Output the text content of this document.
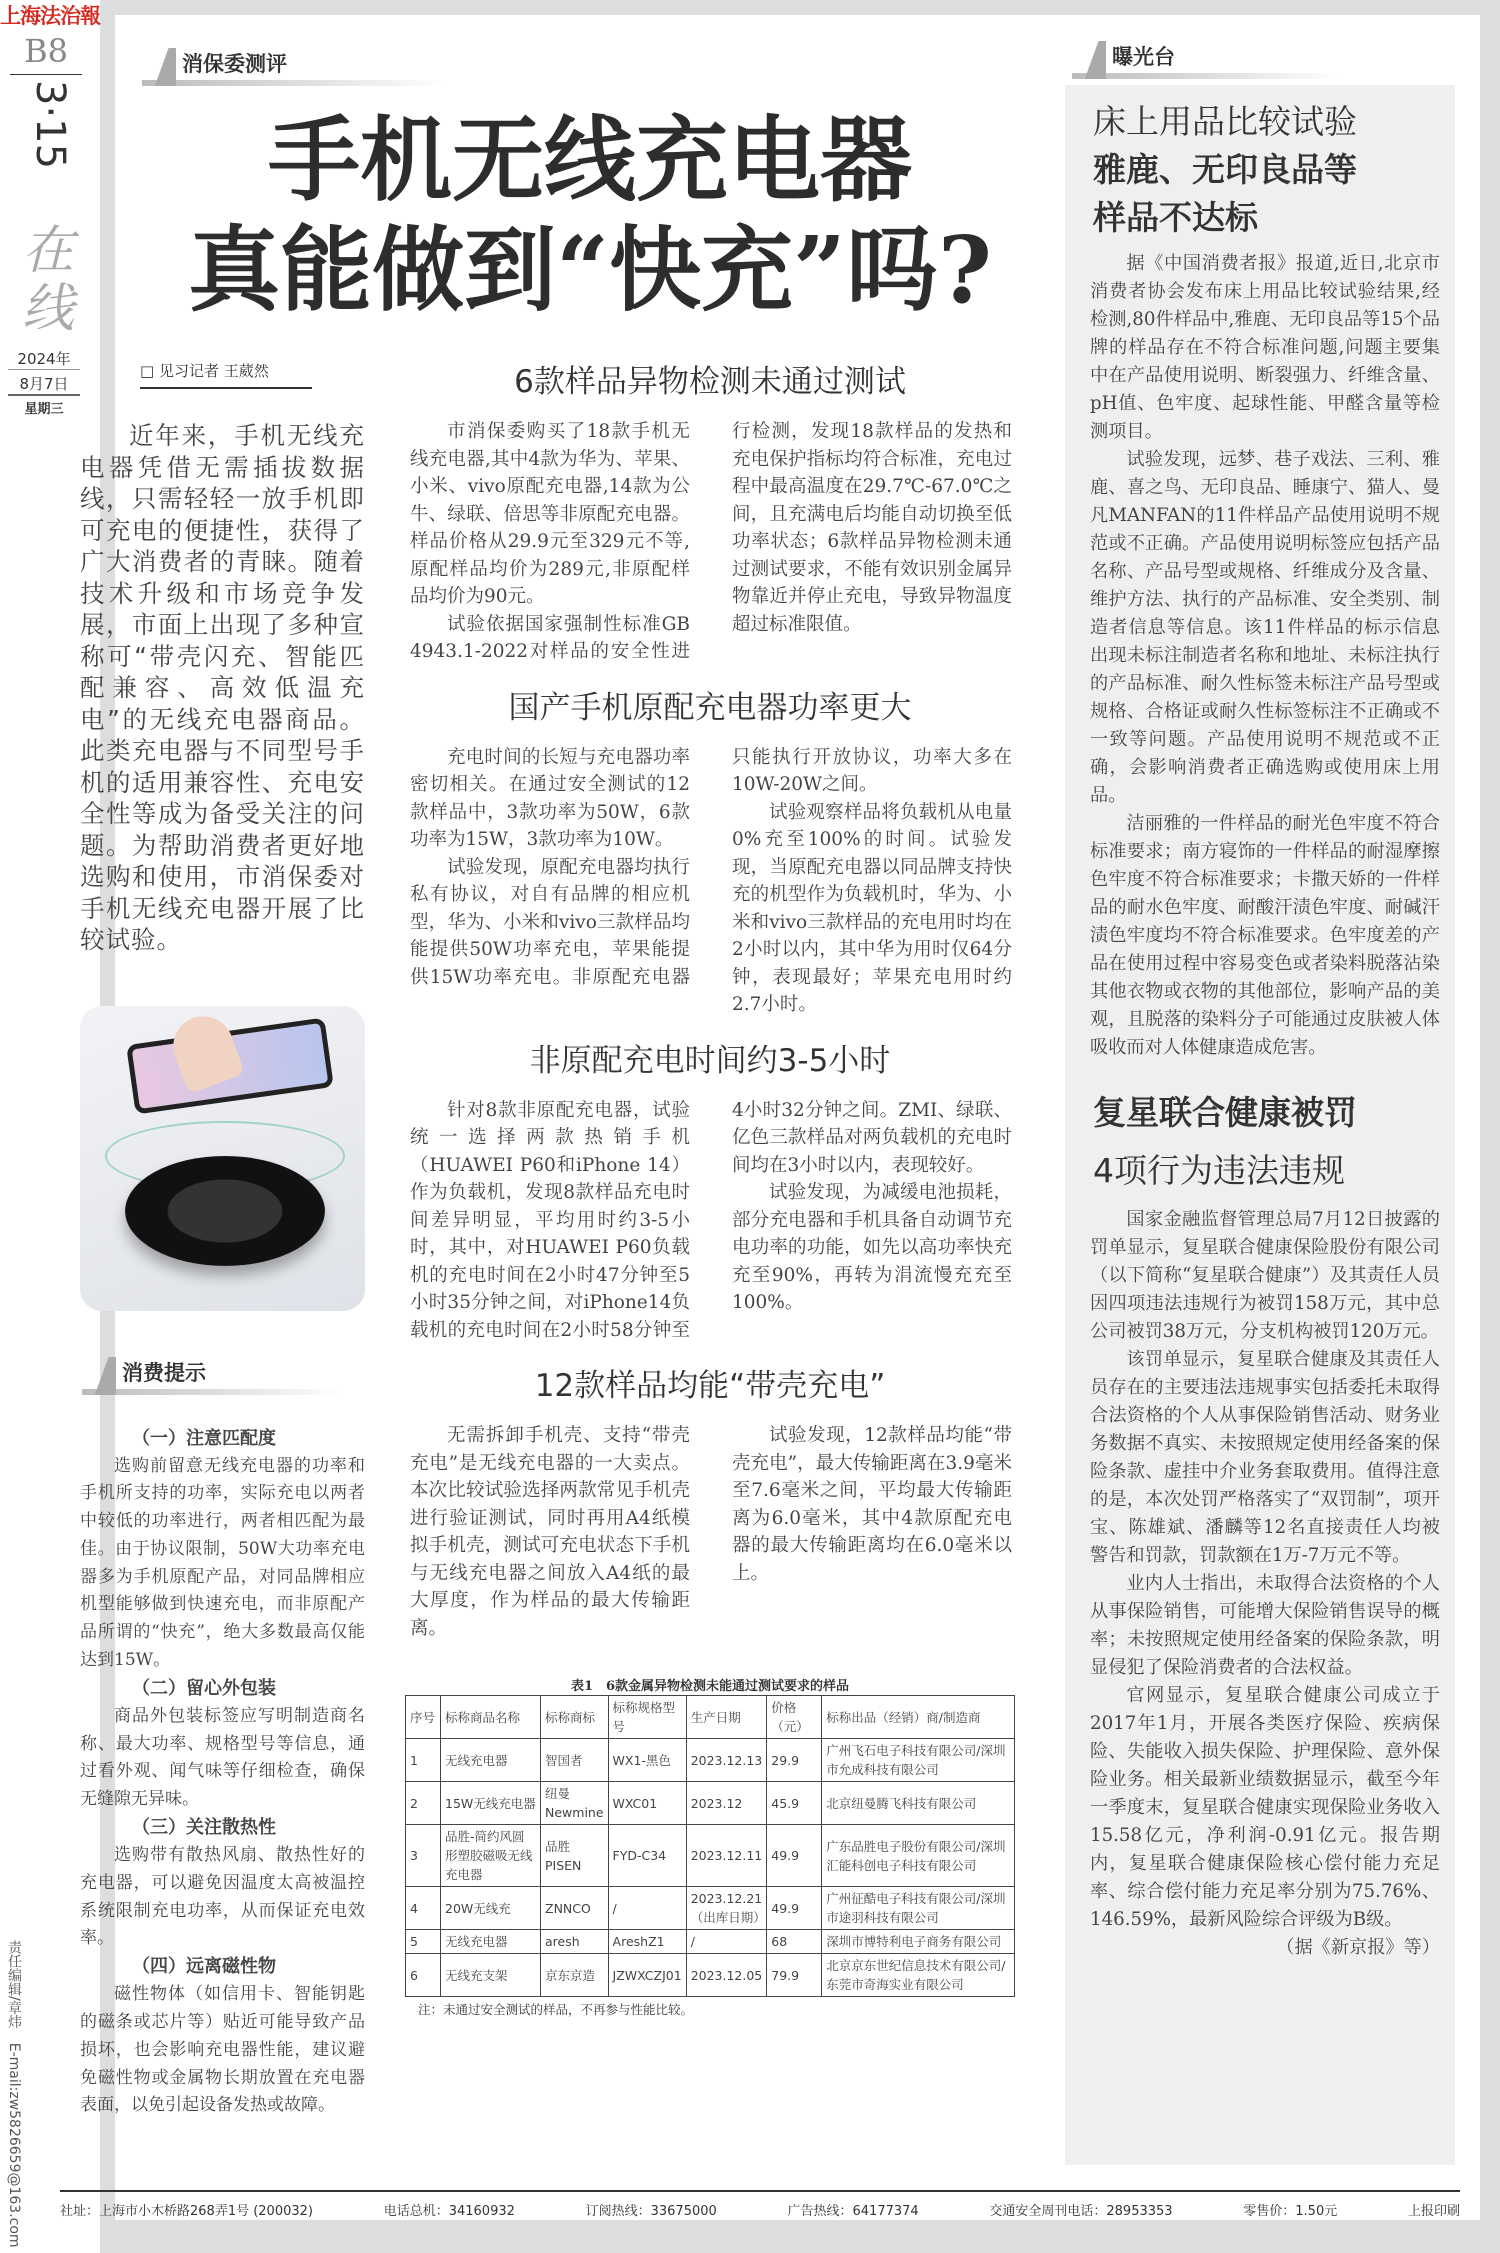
上海法治報
B8
3·15
在线
2024年
8月7日
星期三
责任编辑/章炜　E-mail:zw5826659@163.com
消保委测评
手机无线充电器
真能做到“快充”吗?
□ 见习记者 王葳然
近年来，手机无线充电器凭借无需插拔数据线，只需轻轻一放手机即可充电的便捷性，获得了广大消费者的青睐。随着技术升级和市场竞争发展，市面上出现了多种宣称可“带壳闪充、智能匹配兼容、高效低温充电”的无线充电器商品。此类充电器与不同型号手机的适用兼容性、充电安全性等成为备受关注的问题。为帮助消费者更好地选购和使用，市消保委对手机无线充电器开展了比较试验。
消费提示
（一）注意匹配度

选购前留意无线充电器的功率和手机所支持的功率，实际充电以两者中较低的功率进行，两者相匹配为最佳。由于协议限制，50W大功率充电器多为手机原配产品，对同品牌相应机型能够做到快速充电，而非原配产品所谓的“快充”，绝大多数最高仅能达到15W。

（二）留心外包装

商品外包装标签应写明制造商名称、最大功率、规格型号等信息，通过看外观、闻气味等仔细检查，确保无缝隙无异味。

（三）关注散热性

选购带有散热风扇、散热性好的充电器，可以避免因温度太高被温控系统限制充电功率，从而保证充电效率。

（四）远离磁性物

磁性物体（如信用卡、智能钥匙的磁条或芯片等）贴近可能导致产品损坏，也会影响充电器性能，建议避免磁性物或金属物长期放置在充电器表面，以免引起设备发热或故障。

6款样品异物检测未通过测试

市消保委购买了18款手机无线充电器,其中4款为华为、苹果、小米、vivo原配充电器,14款为公牛、绿联、倍思等非原配充电器。样品价格从29.9元至329元不等,原配样品均价为289元,非原配样品均价为90元。

试验依据国家强制性标准GB 4943.1-2022对样品的安全性进行检测，发现18款样品的发热和充电保护指标均符合标准，充电过程中最高温度在29.7℃-67.0℃之间，且充满电后均能自动切换至低功率状态；6款样品异物检测未通过测试要求，不能有效识别金属异物靠近并停止充电，导致异物温度超过标准限值。

国产手机原配充电器功率更大

充电时间的长短与充电器功率密切相关。在通过安全测试的12款样品中，3款功率为50W，6款功率为15W，3款功率为10W。

试验发现，原配充电器均执行私有协议，对自有品牌的相应机型，华为、小米和vivo三款样品均能提供50W功率充电，苹果能提供15W功率充电。非原配充电器只能执行开放协议，功率大多在10W-20W之间。

试验观察样品将负载机从电量0%充至100%的时间。试验发现，当原配充电器以同品牌支持快充的机型作为负载机时，华为、小米和vivo三款样品的充电用时均在2小时以内，其中华为用时仅64分钟，表现最好；苹果充电用时约2.7小时。

非原配充电时间约3-5小时

针对8款非原配充电器，试验统一选择两款热销手机（HUAWEI P60和iPhone 14）作为负载机，发现8款样品充电时间差异明显，平均用时约3-5小时，其中，对HUAWEI P60负载机的充电时间在2小时47分钟至5小时35分钟之间，对iPhone14负载机的充电时间在2小时58分钟至4小时32分钟之间。ZMI、绿联、亿色三款样品对两负载机的充电时间均在3小时以内，表现较好。

试验发现，为减缓电池损耗，部分充电器和手机具备自动调节充电功率的功能，如先以高功率快充充至90%，再转为涓流慢充充至100%。

12款样品均能“带壳充电”

无需拆卸手机壳、支持“带壳充电”是无线充电器的一大卖点。本次比较试验选择两款常见手机壳进行验证测试，同时再用A4纸模拟手机壳，测试可充电状态下手机与无线充电器之间放入A4纸的最大厚度，作为样品的最大传输距离。

试验发现，12款样品均能“带壳充电”，最大传输距离在3.9毫米至7.6毫米之间，平均最大传输距离为6.0毫米，其中4款原配充电器的最大传输距离均在6.0毫米以上。

表1　6款金属异物检测未能通过测试要求的样品
序号	标称商品名称	标称商标	标称规格型号	生产日期	价格（元）	标称出品（经销）商/制造商
1	无线充电器	智国者	WX1-黑色	2023.12.13	29.9	广州飞石电子科技有限公司/深圳市允成科技有限公司
2	15W无线充电器	纽曼 Newmine	WXC01	2023.12	45.9	北京纽曼腾飞科技有限公司
3	品胜-简约风圆形塑胶磁吸无线充电器	品胜 PISEN	FYD-C34	2023.12.11	49.9	广东品胜电子股份有限公司/深圳汇能科创电子科技有限公司
4	20W无线充	ZNNCO	/	2023.12.21（出库日期）	49.9	广州征酷电子科技有限公司/深圳市途羽科技有限公司
5	无线充电器	aresh	AreshZ1	/	68	深圳市博特利电子商务有限公司
6	无线充支架	京东京造	JZWXCZJ01	2023.12.05	79.9	北京京东世纪信息技术有限公司/东莞市奇海实业有限公司
注：未通过安全测试的样品，不再参与性能比较。
曝光台
床上用品比较试验
雅鹿、无印良品等
样品不达标

据《中国消费者报》报道,近日,北京市消费者协会发布床上用品比较试验结果,经检测,80件样品中,雅鹿、无印良品等15个品牌的样品存在不符合标准问题,问题主要集中在产品使用说明、断裂强力、纤维含量、pH值、色牢度、起球性能、甲醛含量等检测项目。

试验发现，远梦、巷子戏法、三利、雅鹿、喜之鸟、无印良品、睡康宁、猫人、曼凡MANFAN的11件样品产品使用说明不规范或不正确。产品使用说明标签应包括产品名称、产品号型或规格、纤维成分及含量、维护方法、执行的产品标准、安全类别、制造者信息等信息。该11件样品的标示信息出现未标注制造者名称和地址、未标注执行的产品标准、耐久性标签未标注产品号型或规格、合格证或耐久性标签标注不正确或不一致等问题。产品使用说明不规范或不正确，会影响消费者正确选购或使用床上用品。

洁丽雅的一件样品的耐光色牢度不符合标准要求；南方寝饰的一件样品的耐湿摩擦色牢度不符合标准要求；卡撒天娇的一件样品的耐水色牢度、耐酸汗渍色牢度、耐碱汗渍色牢度均不符合标准要求。色牢度差的产品在使用过程中容易变色或者染料脱落沾染其他衣物或衣物的其他部位，影响产品的美观，且脱落的染料分子可能通过皮肤被人体吸收而对人体健康造成危害。

复星联合健康被罚
4项行为违法违规

国家金融监督管理总局7月12日披露的罚单显示，复星联合健康保险股份有限公司（以下简称“复星联合健康”）及其责任人员因四项违法违规行为被罚158万元，其中总公司被罚38万元，分支机构被罚120万元。

该罚单显示，复星联合健康及其责任人员存在的主要违法违规事实包括委托未取得合法资格的个人从事保险销售活动、财务业务数据不真实、未按照规定使用经备案的保险条款、虚挂中介业务套取费用。值得注意的是，本次处罚严格落实了“双罚制”，项开宝、陈雄斌、潘麟等12名直接责任人均被警告和罚款，罚款额在1万-7万元不等。

业内人士指出，未取得合法资格的个人从事保险销售，可能增大保险销售误导的概率；未按照规定使用经备案的保险条款，明显侵犯了保险消费者的合法权益。

官网显示，复星联合健康公司成立于2017年1月，开展各类医疗保险、疾病保险、失能收入损失保险、护理保险、意外保险业务。相关最新业绩数据显示，截至今年一季度末，复星联合健康实现保险业务收入15.58亿元，净利润-0.91亿元。报告期内，复星联合健康保险核心偿付能力充足率、综合偿付能力充足率分别为75.76%、146.59%，最新风险综合评级为B级。

（据《新京报》等）

社址：上海市小木桥路268弄1号 (200032)	电话总机：34160932	订阅热线：33675000	广告热线：64177374	交通安全周刊电话：28953353	零售价：1.50元	上报印刷
